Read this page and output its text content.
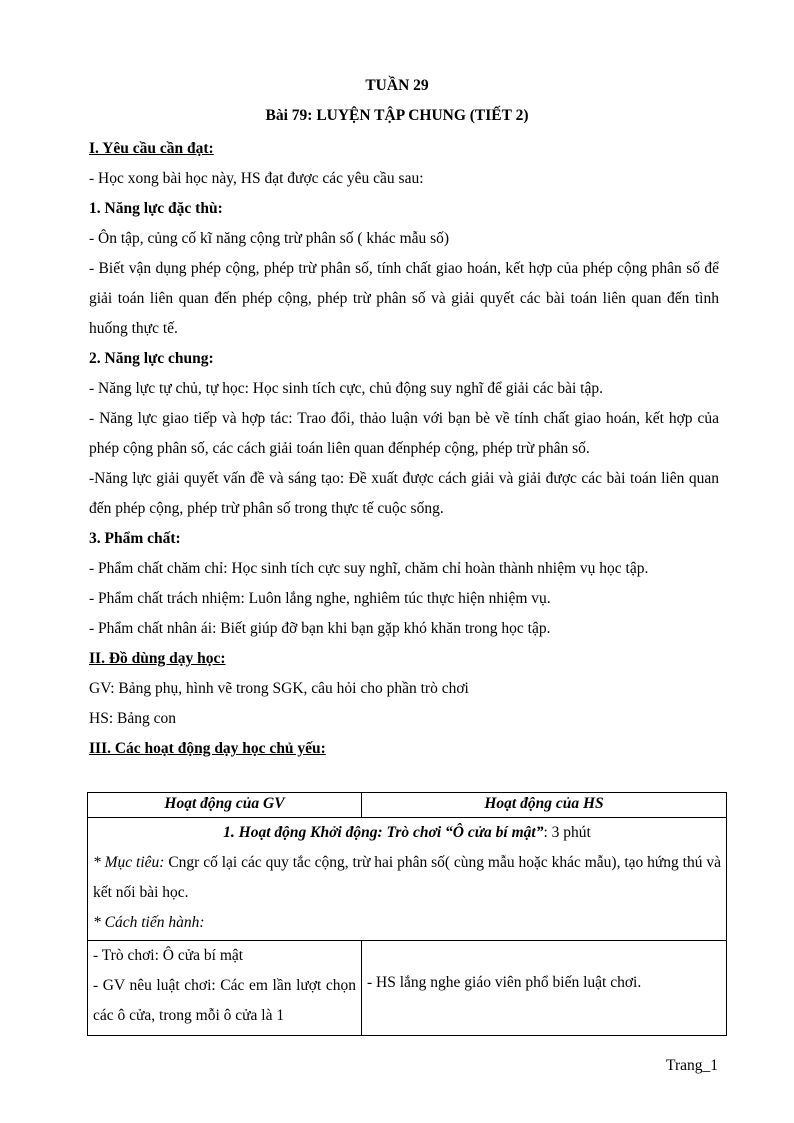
TUẦN 29
Bài 79: LUYỆN TẬP CHUNG (TIẾT 2)

I. Yêu cầu cần đạt:

- Học xong bài học này, HS đạt được các yêu cầu sau:

1. Năng lực đặc thù:

- Ôn tập, củng cố kĩ năng cộng trừ phân số ( khác mẫu số)

- Biết vận dụng phép cộng, phép trừ phân số, tính chất giao hoán, kết hợp của phép cộng phân số để giải toán liên quan đến phép cộng, phép trừ phân số và giải quyết các bài toán liên quan đến tình huống thực tế.

2. Năng lực chung:

- Năng lực tự chủ, tự học: Học sinh tích cực, chủ động suy nghĩ để giải các bài tập.

- Năng lực giao tiếp và hợp tác: Trao đổi, thảo luận với bạn bè về tính chất giao hoán, kết hợp của phép cộng phân số, các cách giải toán liên quan đếnphép cộng, phép trừ phân số.

-Năng lực giải quyết vấn đề và sáng tạo: Đề xuất được cách giải và giải được các bài toán liên quan đến phép cộng, phép trừ phân số trong thực tế cuộc sống.

3. Phẩm chất:

- Phẩm chất chăm chỉ: Học sinh tích cực suy nghĩ, chăm chỉ hoàn thành nhiệm vụ học tập.

- Phẩm chất trách nhiệm: Luôn lắng nghe, nghiêm túc thực hiện nhiệm vụ.

- Phẩm chất nhân ái: Biết giúp đỡ bạn khi bạn gặp khó khăn trong học tập.

II. Đồ dùng dạy học:

GV: Bảng phụ, hình vẽ trong SGK, câu hỏi cho phần trò chơi

HS: Bảng con

III. Các hoạt động dạy học chủ yếu:

Hoạt động của GV	Hoạt động của HS

1. Hoạt động Khởi động: Trò chơi “Ô cửa bí mật”: 3 phút
* Mục tiêu: Cngr cố lại các quy tắc cộng, trừ hai phân số( cùng mẫu hoặc khác mẫu), tạo hứng thú và kết nối bài học.
* Cách tiến hành:	

- Trò chơi: Ô cửa bí mật
- GV nêu luật chơi: Các em lần lượt chọn các ô cửa, trong mỗi ô cửa là 1	- HS lắng nghe giáo viên phổ biến luật chơi.
Trang_1
